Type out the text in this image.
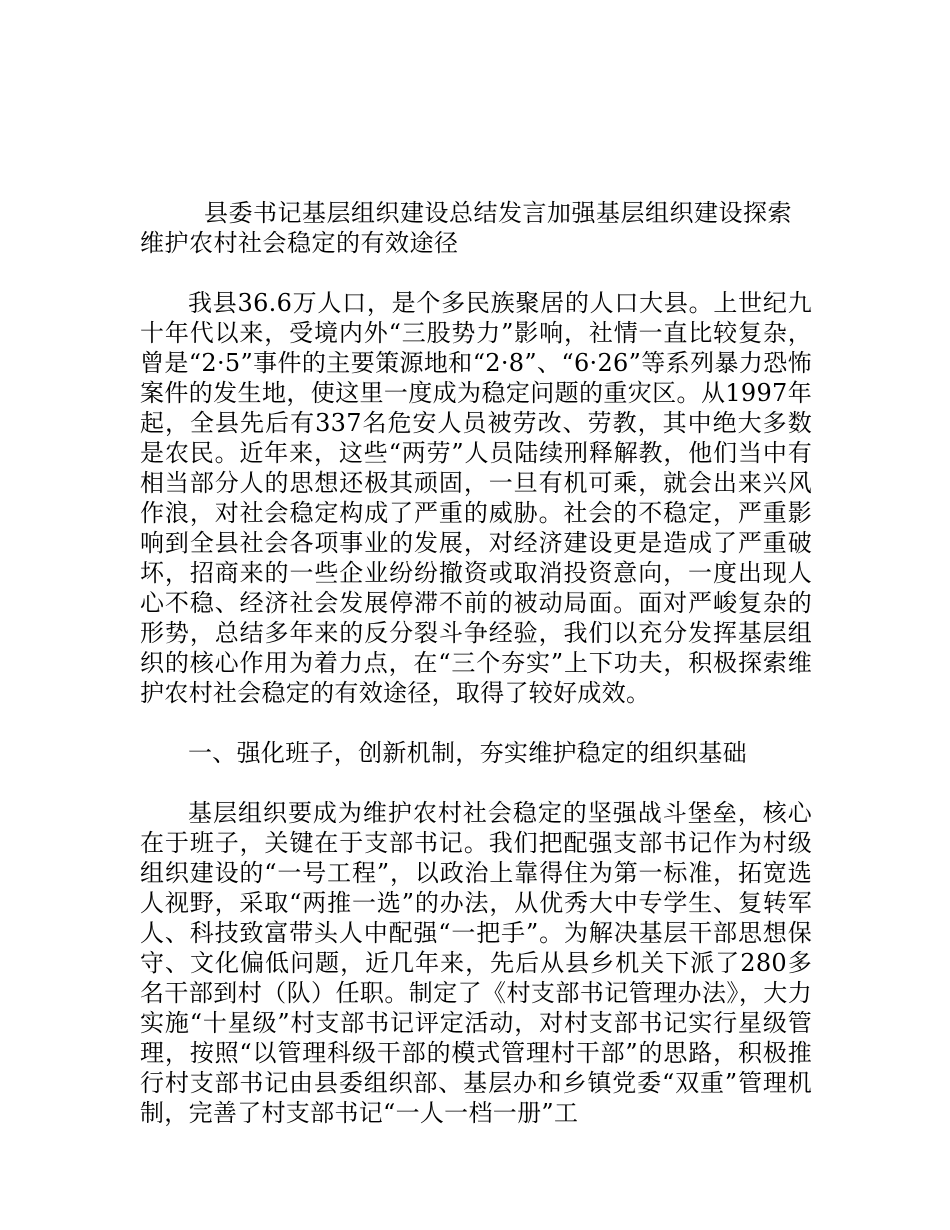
县委书记基层组织建设总结发言加强基层组织建设探索维护农村社会稳定的有效途径

我县36.6万人口，是个多民族聚居的人口大县。上世纪九十年代以来，受境内外“三股势力”影响，社情一直比较复杂，曾是“2·5”事件的主要策源地和“2·8”、“6·26”等系列暴力恐怖案件的发生地，使这里一度成为稳定问题的重灾区。从1997年起，全县先后有337名危安人员被劳改、劳教，其中绝大多数是农民。近年来，这些“两劳”人员陆续刑释解教，他们当中有相当部分人的思想还极其顽固，一旦有机可乘，就会出来兴风作浪，对社会稳定构成了严重的威胁。社会的不稳定，严重影响到全县社会各项事业的发展，对经济建设更是造成了严重破坏，招商来的一些企业纷纷撤资或取消投资意向，一度出现人心不稳、经济社会发展停滞不前的被动局面。面对严峻复杂的形势，总结多年来的反分裂斗争经验，我们以充分发挥基层组织的核心作用为着力点，在“三个夯实”上下功夫，积极探索维护农村社会稳定的有效途径，取得了较好成效。

一、强化班子，创新机制，夯实维护稳定的组织基础

基层组织要成为维护农村社会稳定的坚强战斗堡垒，核心在于班子，关键在于支部书记。我们把配强支部书记作为村级组织建设的“一号工程”，以政治上靠得住为第一标准，拓宽选人视野，采取“两推一选”的办法，从优秀大中专学生、复转军人、科技致富带头人中配强“一把手”。为解决基层干部思想保守、文化偏低问题，近几年来，先后从县乡机关下派了280多名干部到村（队）任职。制定了《村支部书记管理办法》，大力实施“十星级”村支部书记评定活动，对村支部书记实行星级管理，按照“以管理科级干部的模式管理村干部”的思路，积极推行村支部书记由县委组织部、基层办和乡镇党委“双重”管理机制，完善了村支部书记“一人一档一册”工
